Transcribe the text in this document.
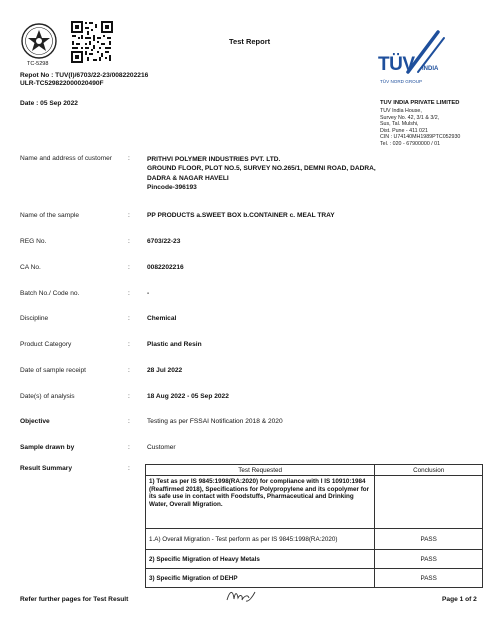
TC-5298
Test Report
Repot No : TUV(I)/6703/22-23/0082202216
ULR-TC529822000020490F
Date : 05 Sep 2022
TÜV INDIA
TÜV NORD GROUP
TUV INDIA PRIVATE LIMITED
TUV India House,
Survey No. 42, 3/1 & 3/2,
Sus, Tal. Mulshi,
Dist. Pune - 411 021
CIN : U74140MH1989PTC052930
Tel. : 020 - 67900000 / 01
Name and address of customer	:	PRITHVI POLYMER INDUSTRIES PVT. LTD.
GROUND FLOOR, PLOT NO.5, SURVEY NO.265/1, DEMNI ROAD, DADRA,
DADRA & NAGAR HAVELI
Pincode-396193
Name of the sample	:	PP PRODUCTS a.SWEET BOX b.CONTAINER c. MEAL TRAY
REG No.	:	6703/22-23
CA No.	:	0082202216
Batch No./ Code no.	:	-
Discipline	:	Chemical
Product Category	:	Plastic and Resin
Date of sample receipt	:	28 Jul 2022
Date(s) of analysis	:	18 Aug 2022 - 05 Sep 2022
Objective	:	Testing as per FSSAI Notification 2018 & 2020
Sample drawn by	:	Customer
Result Summary	:	Test Requested	Conclusion
1) Test as per IS 9845:1998(RA:2020) for compliance with I IS 10910:1984 (Reaffirmed 2018), Specifications for Polypropylene and its copolymer for its safe use in contact with Foodstuffs, Pharmaceutical and Drinking Water, Overall Migration.	
1.A) Overall Migration - Test perform as per IS 9845:1998(RA:2020)	PASS
2) Specific Migration of Heavy Metals	PASS
3) Specific Migration of DEHP	PASS
Refer further pages for Test Result	Page 1 of 2
